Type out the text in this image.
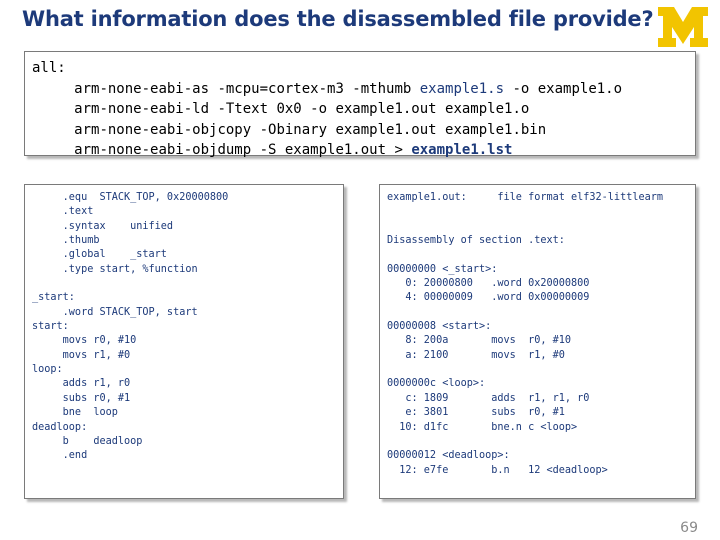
What information does the disassembled file provide?
all:
arm-none-eabi-as -mcpu=cortex-m3 -mthumb example1.s -o example1.o
arm-none-eabi-ld -Ttext 0x0 -o example1.out example1.o
arm-none-eabi-objcopy -Obinary example1.out example1.bin
arm-none-eabi-objdump -S example1.out > example1.lst
.equ  STACK_TOP, 0x20000800
.text
.syntax    unified
.thumb
.global    _start
.type start, %function
_start:
.word STACK_TOP, start
start:
movs r0, #10
movs r1, #0
loop:
adds r1, r0
subs r0, #1
bne  loop
deadloop:
b    deadloop
.end
example1.out:     file format elf32-littlearm
Disassembly of section .text:
00000000 <_start>:
0: 20000800   .word 0x20000800
4: 00000009   .word 0x00000009
00000008 <start>:
8: 200a       movs  r0, #10
a: 2100       movs  r1, #0
0000000c <loop>:
c: 1809       adds  r1, r1, r0
e: 3801       subs  r0, #1
10: d1fc       bne.n c <loop>
00000012 <deadloop>:
12: e7fe       b.n   12 <deadloop>
69
